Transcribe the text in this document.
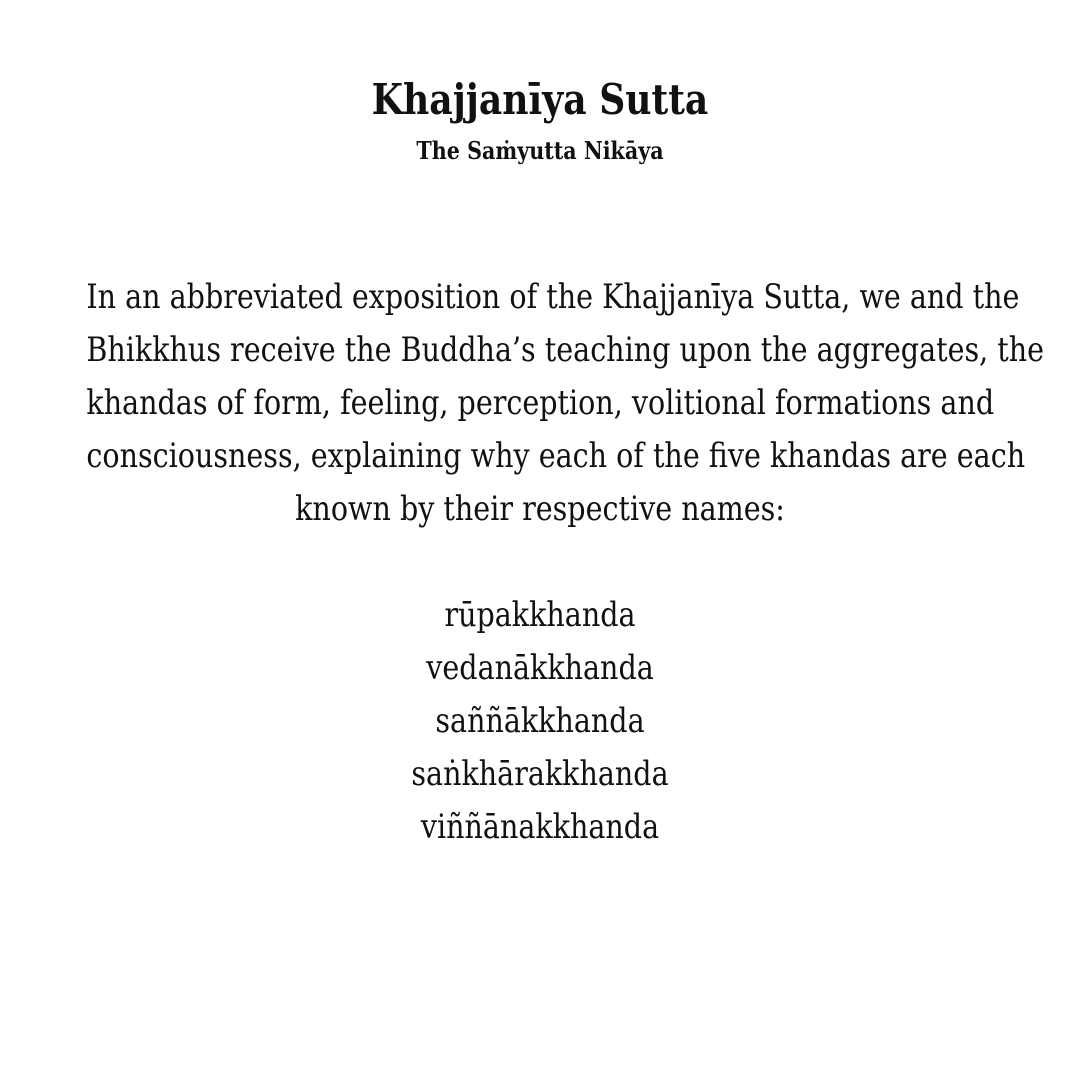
Khajjanīya Sutta
The Saṁyutta Nikāya
In an abbreviated exposition of the Khajjanīya Sutta, we and the
Bhikkhus receive the Buddha’s teaching upon the aggregates, the
khandas of form, feeling, perception, volitional formations and
consciousness, explaining why each of the five khandas are each
known by their respective names:
rūpakkhanda
vedanākkhanda
saññākkhanda
saṅkhārakkhanda
viññānakkhanda
